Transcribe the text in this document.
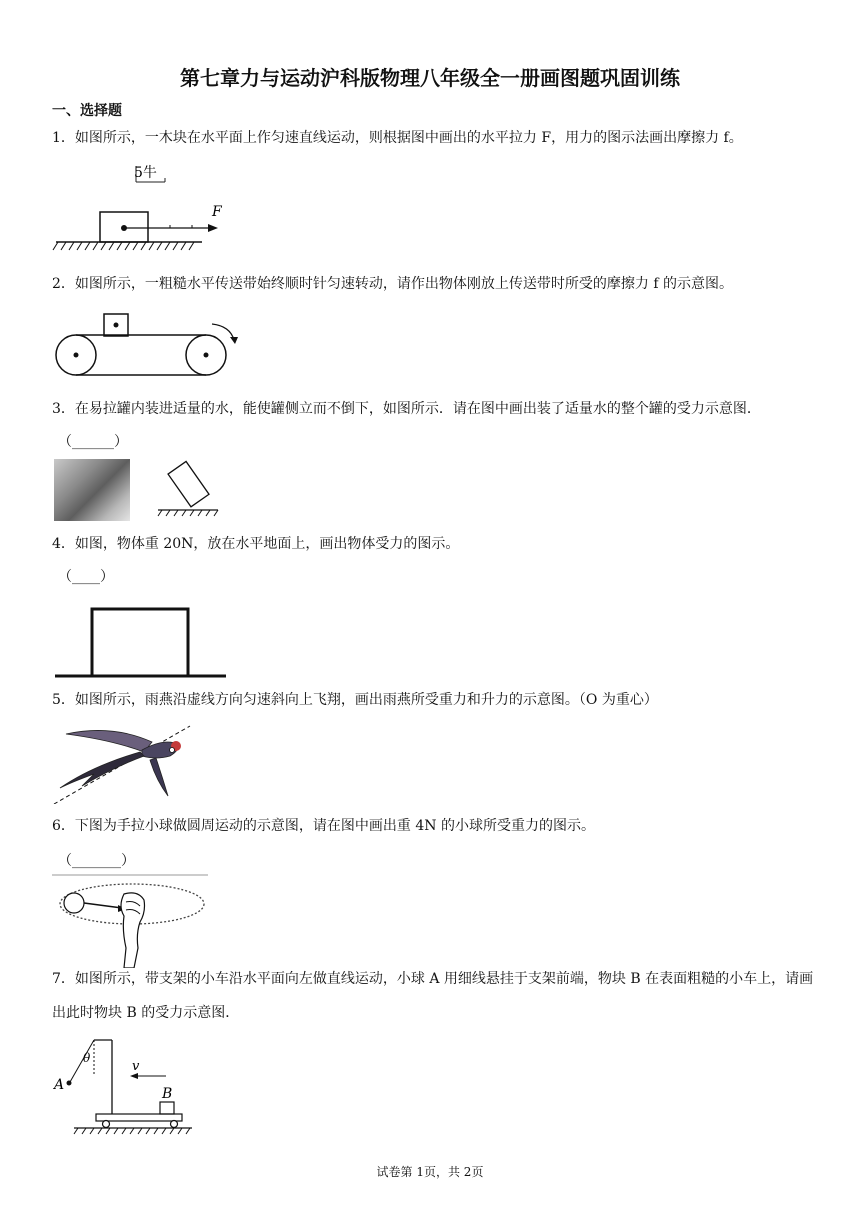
第七章力与运动沪科版物理八年级全一册画图题巩固训练
一、选择题
1．如图所示，一木块在水平面上作匀速直线运动，则根据图中画出的水平拉力 F，用力的图示法画出摩擦力 f。
5牛
F
2．如图所示，一粗糙水平传送带始终顺时针匀速转动，请作出物体刚放上传送带时所受的摩擦力 f 的示意图。
3．在易拉罐内装进适量的水，能使罐侧立而不倒下，如图所示．请在图中画出装了适量水的整个罐的受力示意图．
（______）
4．如图，物体重 20N，放在水平地面上，画出物体受力的图示。
（____）
5．如图所示，雨燕沿虚线方向匀速斜向上飞翔，画出雨燕所受重力和升力的示意图。（O 为重心）
6．下图为手拉小球做圆周运动的示意图，请在图中画出重 4N 的小球所受重力的图示。
（_______）
7．如图所示，带支架的小车沿水平面向左做直线运动，小球 A 用细线悬挂于支架前端，物块 B 在表面粗糙的小车上，请画出此时物块 B 的受力示意图．
θ
A
v
B
试卷第 1页，共 2页
